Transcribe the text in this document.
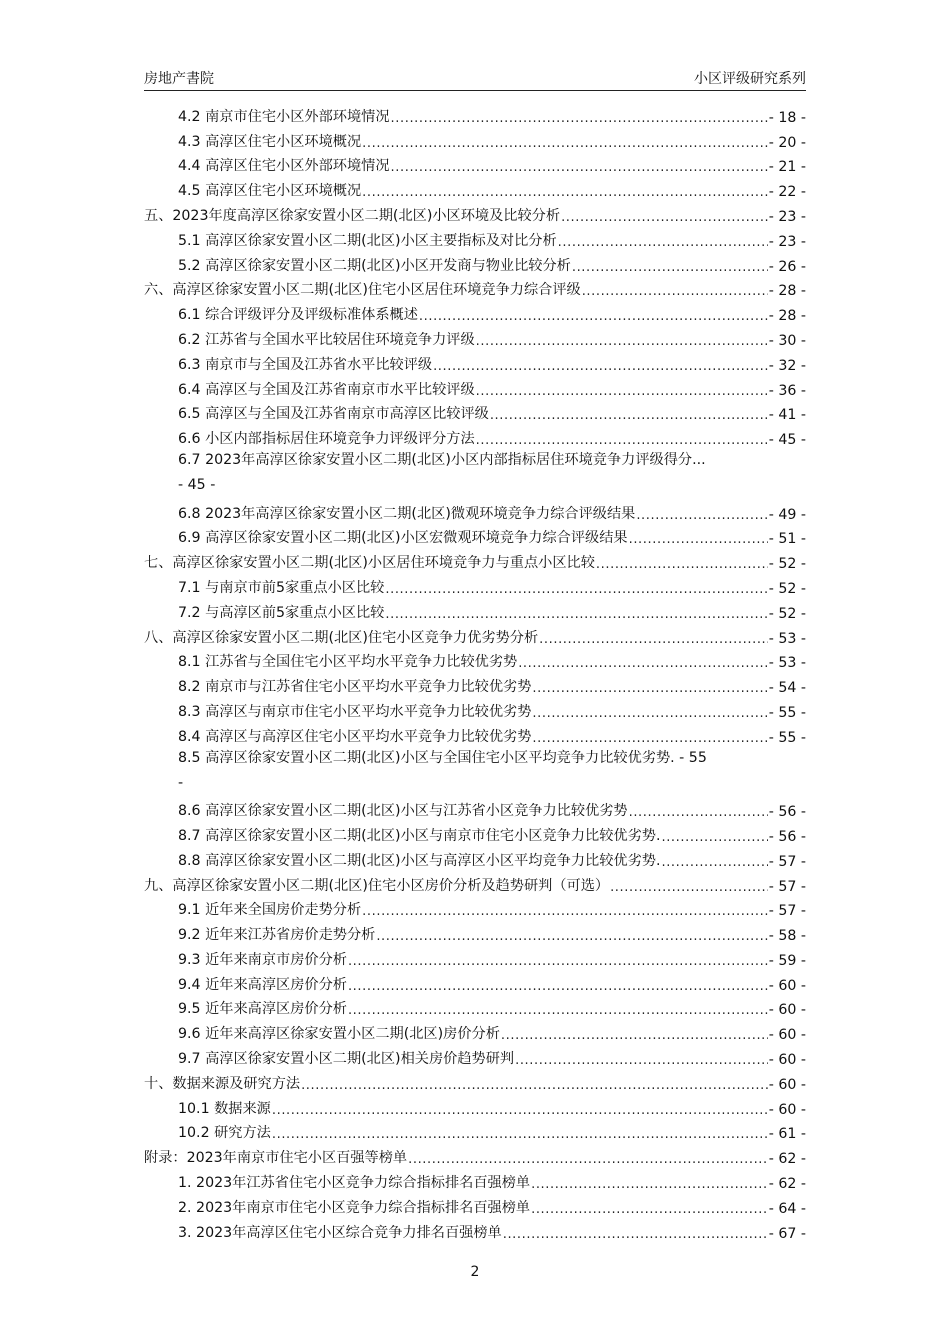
房地产書院	小区评级研究系列
4.2 南京市住宅小区外部环境情况 .....	- 18 -
4.3 高淳区住宅小区环境概况 .....	- 20 -
4.4 高淳区住宅小区外部环境情况 .....	- 21 -
4.5 高淳区住宅小区环境概况 .....	- 22 -
五、2023年度高淳区徐家安置小区二期(北区)小区环境及比较分析 .....	- 23 -
5.1 高淳区徐家安置小区二期(北区)小区主要指标及对比分析 .....	- 23 -
5.2 高淳区徐家安置小区二期(北区)小区开发商与物业比较分析 .....	- 26 -
六、高淳区徐家安置小区二期(北区)住宅小区居住环境竞争力综合评级 .....	- 28 -
6.1 综合评级评分及评级标准体系概述 .....	- 28 -
6.2 江苏省与全国水平比较居住环境竞争力评级 .....	- 30 -
6.3 南京市与全国及江苏省水平比较评级 .....	- 32 -
6.4 高淳区与全国及江苏省南京市水平比较评级 .....	- 36 -
6.5 高淳区与全国及江苏省南京市高淳区比较评级 .....	- 41 -
6.6 小区内部指标居住环境竞争力评级评分方法 .....	- 45 -
6.7 2023年高淳区徐家安置小区二期(北区)小区内部指标居住环境竞争力评级得分...
- 45 -
6.8 2023年高淳区徐家安置小区二期(北区)微观环境竞争力综合评级结果 .....	- 49 -
6.9 高淳区徐家安置小区二期(北区)小区宏微观环境竞争力综合评级结果 .....	- 51 -
七、高淳区徐家安置小区二期(北区)小区居住环境竞争力与重点小区比较 .....	- 52 -
7.1 与南京市前5家重点小区比较 .....	- 52 -
7.2 与高淳区前5家重点小区比较 .....	- 52 -
八、高淳区徐家安置小区二期(北区)住宅小区竞争力优劣势分析 .....	- 53 -
8.1 江苏省与全国住宅小区平均水平竞争力比较优劣势 .....	- 53 -
8.2 南京市与江苏省住宅小区平均水平竞争力比较优劣势 .....	- 54 -
8.3 高淳区与南京市住宅小区平均水平竞争力比较优劣势 .....	- 55 -
8.4 高淳区与高淳区住宅小区平均水平竞争力比较优劣势 .....	- 55 -
8.5 高淳区徐家安置小区二期(北区)小区与全国住宅小区平均竞争力比较优劣势. - 55
-
8.6 高淳区徐家安置小区二期(北区)小区与江苏省小区竞争力比较优劣势 .....	- 56 -
8.7 高淳区徐家安置小区二期(北区)小区与南京市住宅小区竞争力比较优劣势. .....	- 56 -
8.8 高淳区徐家安置小区二期(北区)小区与高淳区小区平均竞争力比较优劣势. .....	- 57 -
九、高淳区徐家安置小区二期(北区)住宅小区房价分析及趋势研判（可选） .....	- 57 -
9.1 近年来全国房价走势分析 .....	- 57 -
9.2 近年来江苏省房价走势分析 .....	- 58 -
9.3 近年来南京市房价分析 .....	- 59 -
9.4 近年来高淳区房价分析 .....	- 60 -
9.5 近年来高淳区房价分析 .....	- 60 -
9.6 近年来高淳区徐家安置小区二期(北区)房价分析 .....	- 60 -
9.7 高淳区徐家安置小区二期(北区)相关房价趋势研判 .....	- 60 -
十、数据来源及研究方法 .....	- 60 -
10.1 数据来源 .....	- 60 -
10.2 研究方法 .....	- 61 -
附录：2023年南京市住宅小区百强等榜单 .....	- 62 -
1. 2023年江苏省住宅小区竞争力综合指标排名百强榜单 .....	- 62 -
2. 2023年南京市住宅小区竞争力综合指标排名百强榜单 .....	- 64 -
3. 2023年高淳区住宅小区综合竞争力排名百强榜单 .....	- 67 -
2
